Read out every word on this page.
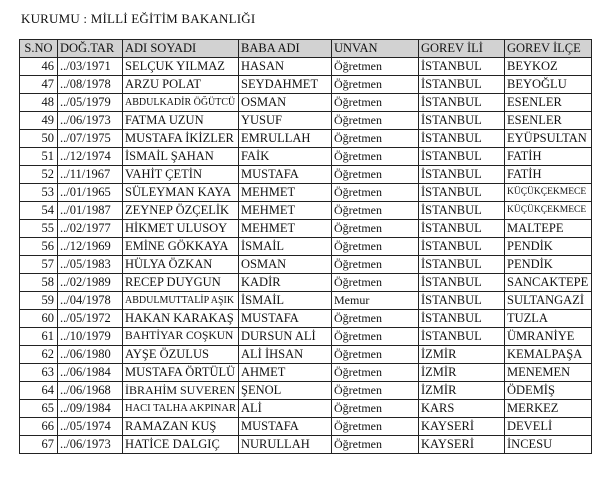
KURUMU : MİLLİ EĞİTİM BAKANLIĞI
S.NO	DOĞ.TAR	ADI SOYADI	BABA ADI	UNVAN	GOREV İLİ	GOREV İLÇE
46	../03/1971	SELÇUK YILMAZ	HASAN	Öğretmen	İSTANBUL	BEYKOZ
47	../08/1978	ARZU POLAT	SEYDAHMET	Öğretmen	İSTANBUL	BEYOĞLU
48	../05/1979	ABDULKADİR ÖĞÜTCÜ	OSMAN	Öğretmen	İSTANBUL	ESENLER
49	../06/1973	FATMA UZUN	YUSUF	Öğretmen	İSTANBUL	ESENLER
50	../07/1975	MUSTAFA İKİZLER	EMRULLAH	Öğretmen	İSTANBUL	EYÜPSULTAN
51	../12/1974	İSMAİL ŞAHAN	FAİK	Öğretmen	İSTANBUL	FATİH
52	../11/1967	VAHİT ÇETİN	MUSTAFA	Öğretmen	İSTANBUL	FATİH
53	../01/1965	SÜLEYMAN KAYA	MEHMET	Öğretmen	İSTANBUL	KÜÇÜKÇEKMECE
54	../01/1987	ZEYNEP ÖZÇELİK	MEHMET	Öğretmen	İSTANBUL	KÜÇÜKÇEKMECE
55	../02/1977	HİKMET ULUSOY	MEHMET	Öğretmen	İSTANBUL	MALTEPE
56	../12/1969	EMİNE GÖKKAYA	İSMAİL	Öğretmen	İSTANBUL	PENDİK
57	../05/1983	HÜLYA ÖZKAN	OSMAN	Öğretmen	İSTANBUL	PENDİK
58	../02/1989	RECEP DUYGUN	KADİR	Öğretmen	İSTANBUL	SANCAKTEPE
59	../04/1978	ABDULMUTTALİP AŞIK	İSMAİL	Memur	İSTANBUL	SULTANGAZİ
60	../05/1972	HAKAN KARAKAŞ	MUSTAFA	Öğretmen	İSTANBUL	TUZLA
61	../10/1979	BAHTİYAR COŞKUN	DURSUN ALİ	Öğretmen	İSTANBUL	ÜMRANİYE
62	../06/1980	AYŞE ÖZULUS	ALİ İHSAN	Öğretmen	İZMİR	KEMALPAŞA
63	../06/1984	MUSTAFA ÖRTÜLÜ	AHMET	Öğretmen	İZMİR	MENEMEN
64	../06/1968	İBRAHİM SUVEREN	ŞENOL	Öğretmen	İZMİR	ÖDEMİŞ
65	../09/1984	HACI TALHA AKPINAR	ALİ	Öğretmen	KARS	MERKEZ
66	../05/1974	RAMAZAN KUŞ	MUSTAFA	Öğretmen	KAYSERİ	DEVELİ
67	../06/1973	HATİCE DALGIÇ	NURULLAH	Öğretmen	KAYSERİ	İNCESU
